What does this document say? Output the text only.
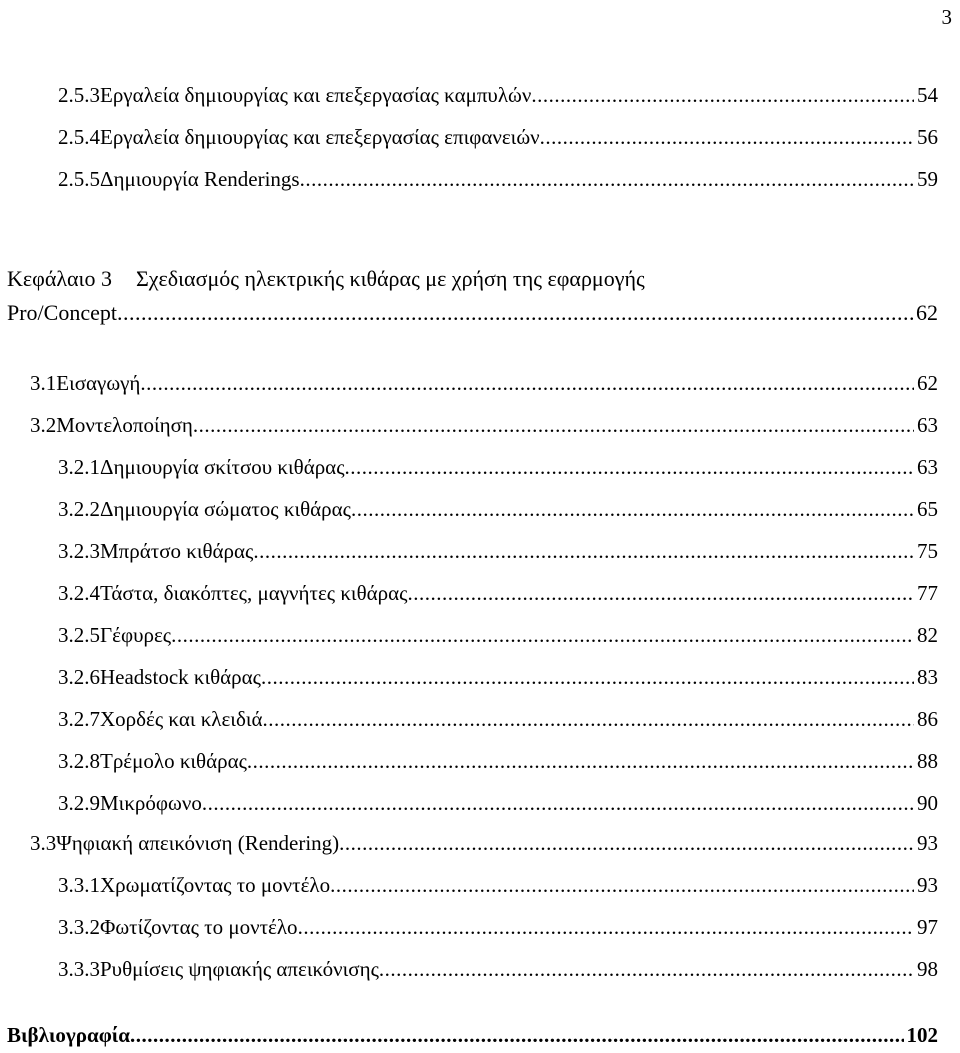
3
2.5.3 Εργαλεία δημιουργίας και επεξεργασίας καμπυλών .....	54
2.5.4 Εργαλεία δημιουργίας και επεξεργασίας επιφανειών .....	56
2.5.5 Δημιουργία Renderings .....	59
Κεφάλαιο 3 Σχεδιασμός ηλεκτρικής κιθάρας με χρήση της εφαρμογής
Pro/Concept .....	62
3.1 Εισαγωγή .....	62
3.2 Μοντελοποίηση .....	63
3.2.1 Δημιουργία σκίτσου κιθάρας .....	63
3.2.2 Δημιουργία σώματος κιθάρας .....	65
3.2.3 Μπράτσο κιθάρας .....	75
3.2.4 Τάστα, διακόπτες, μαγνήτες κιθάρας .....	77
3.2.5 Γέφυρες .....	82
3.2.6 Headstock κιθάρας .....	83
3.2.7 Χορδές και κλειδιά .....	86
3.2.8 Τρέμολο κιθάρας .....	88
3.2.9 Μικρόφωνο .....	90
3.3 Ψηφιακή απεικόνιση (Rendering) .....	93
3.3.1 Χρωματίζοντας το μοντέλο .....	93
3.3.2 Φωτίζοντας το μοντέλο .....	97
3.3.3 Ρυθμίσεις ψηφιακής απεικόνισης .....	98
Βιβλιογραφία .....	102
